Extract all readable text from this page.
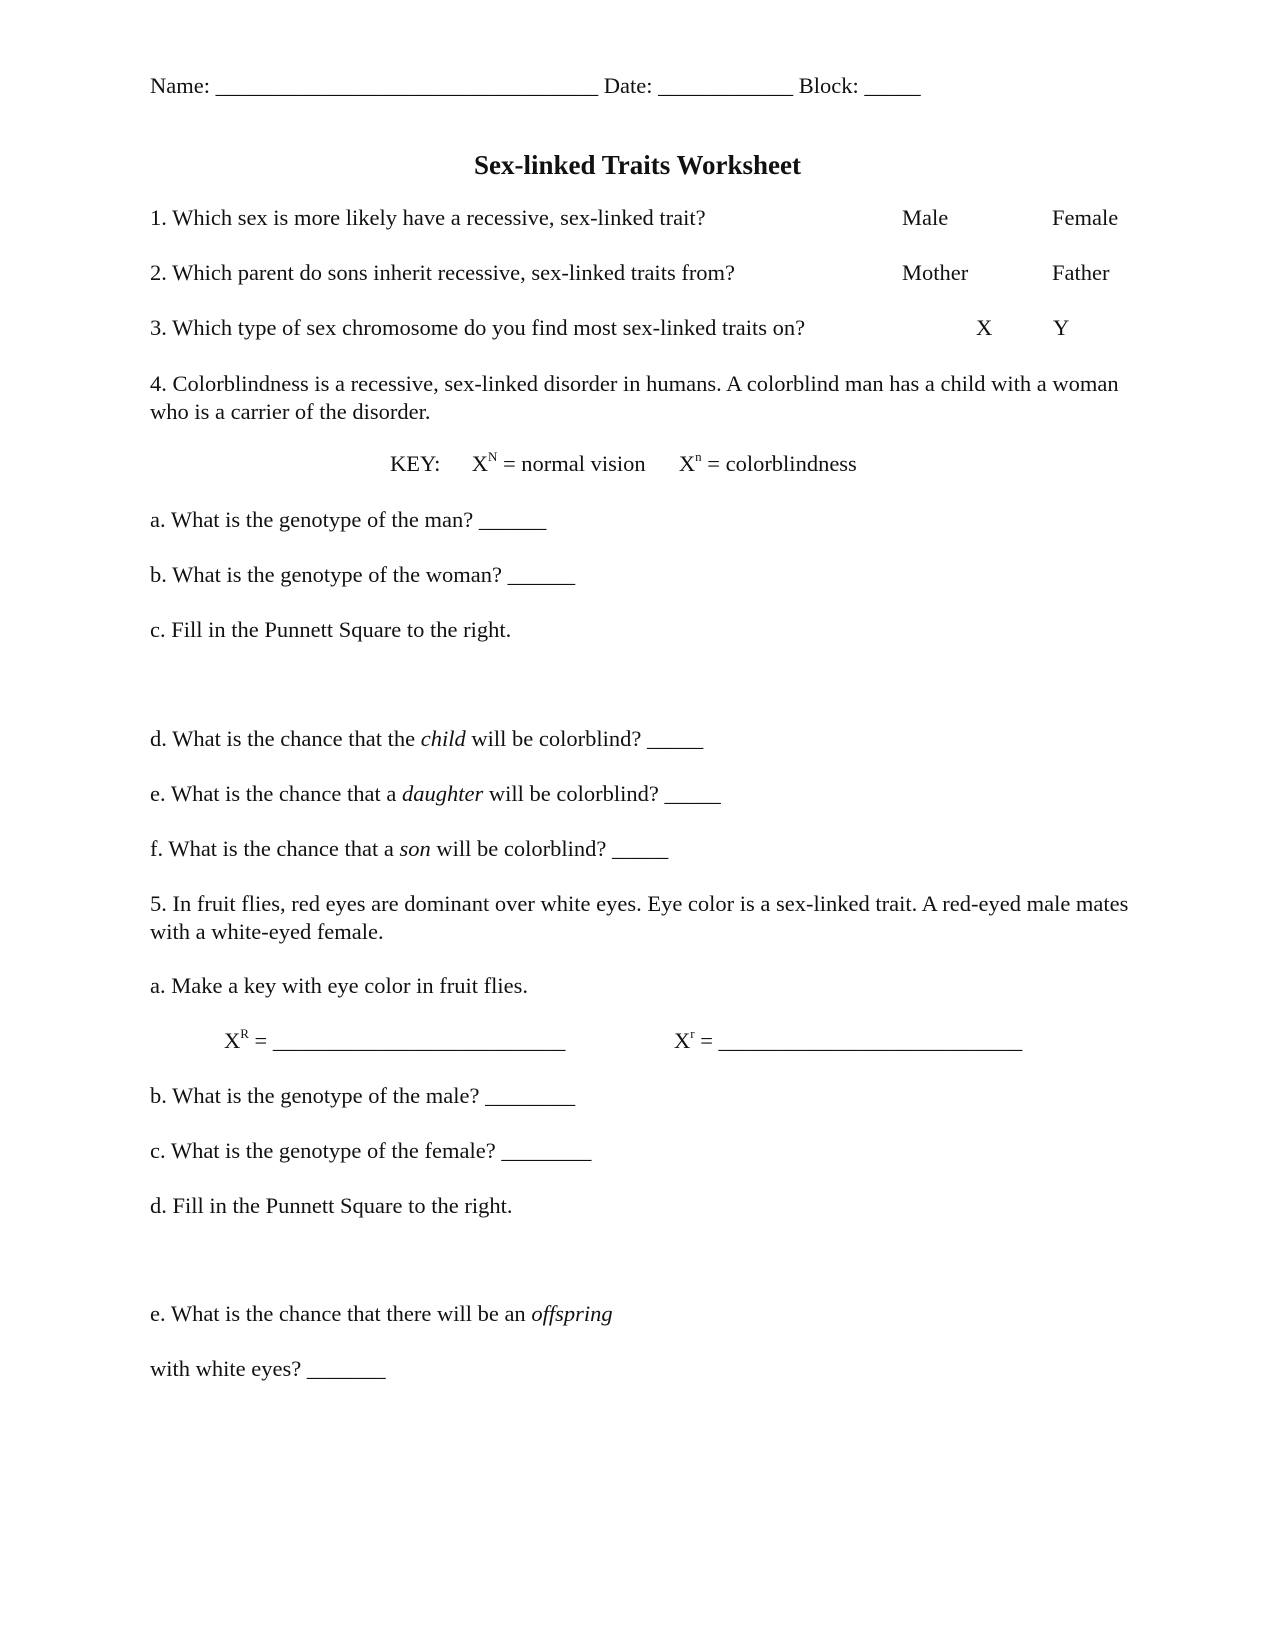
Name: __________________________________ Date: ____________ Block: _____
Sex-linked Traits Worksheet
1. Which sex is more likely have a recessive, sex-linked trait?	Male	Female
2. Which parent do sons inherit recessive, sex-linked traits from?	Mother	Father
3. Which type of sex chromosome do you find most sex-linked traits on?	X	Y
4. Colorblindness is a recessive, sex-linked disorder in humans. A colorblind man has a child with a woman who is a carrier of the disorder.
KEY: $X^N$ = normal vision $X^n$ = colorblindness
a. What is the genotype of the man? ______
b. What is the genotype of the woman? ______
c. Fill in the Punnett Square to the right.
d. What is the chance that the child will be colorblind? _____
e. What is the chance that a daughter will be colorblind? _____
f. What is the chance that a son will be colorblind? _____
5. In fruit flies, red eyes are dominant over white eyes. Eye color is a sex-linked trait. A red-eyed male mates with a white-eyed female.
a. Make a key with eye color in fruit flies.
$X^R$ = __________________________	$X^r$ = ___________________________
b. What is the genotype of the male? ________
c. What is the genotype of the female? ________
d. Fill in the Punnett Square to the right.
e. What is the chance that there will be an offspring
with white eyes? _______
